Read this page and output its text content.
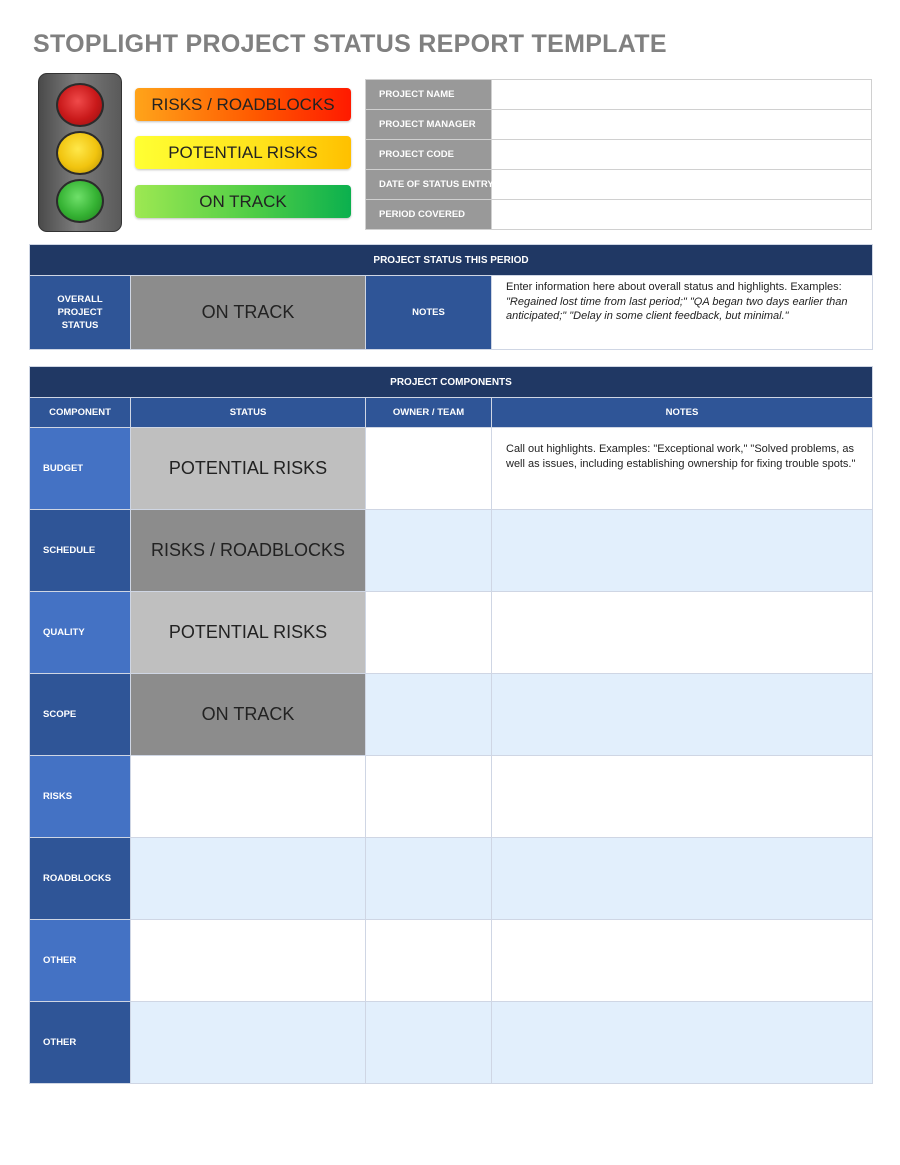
STOPLIGHT PROJECT STATUS REPORT TEMPLATE
RISKS / ROADBLOCKS
POTENTIAL RISKS
ON TRACK
PROJECT NAME	
PROJECT MANAGER	
PROJECT CODE	
DATE OF STATUS ENTRY	
PERIOD COVERED	
PROJECT STATUS THIS PERIOD

OVERALL
PROJECT
STATUS
	ON TRACK	NOTES	Enter information here about overall status and highlights. Examples: "Regained lost time from last period;" "QA began two days earlier than anticipated;" "Delay in some client feedback, but minimal."
PROJECT COMPONENTS			
COMPONENT	STATUS	OWNER / TEAM	NOTES
BUDGET	POTENTIAL RISKS		Call out highlights. Examples: "Exceptional work," "Solved problems, as well as issues, including establishing ownership for fixing trouble spots."

SCHEDULE	RISKS / ROADBLOCKS		
QUALITY	POTENTIAL RISKS		
SCOPE	ON TRACK		
RISKS			
ROADBLOCKS			
OTHER			
OTHER			
